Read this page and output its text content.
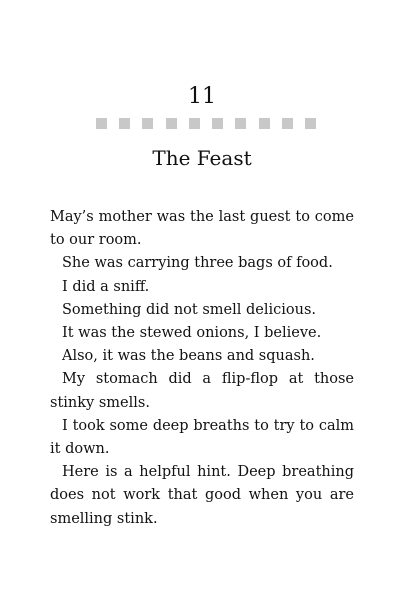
11
The Feast

May’s mother was the last guest to come to our room.

She was carrying three bags of food.

I did a sniff.

Something did not smell delicious.

It was the stewed onions, I believe.

Also, it was the beans and squash.

My stomach did a flip-flop at those stinky smells.

I took some deep breaths to try to calm it down.

Here is a helpful hint. Deep breathing does not work that good when you are smelling stink.
